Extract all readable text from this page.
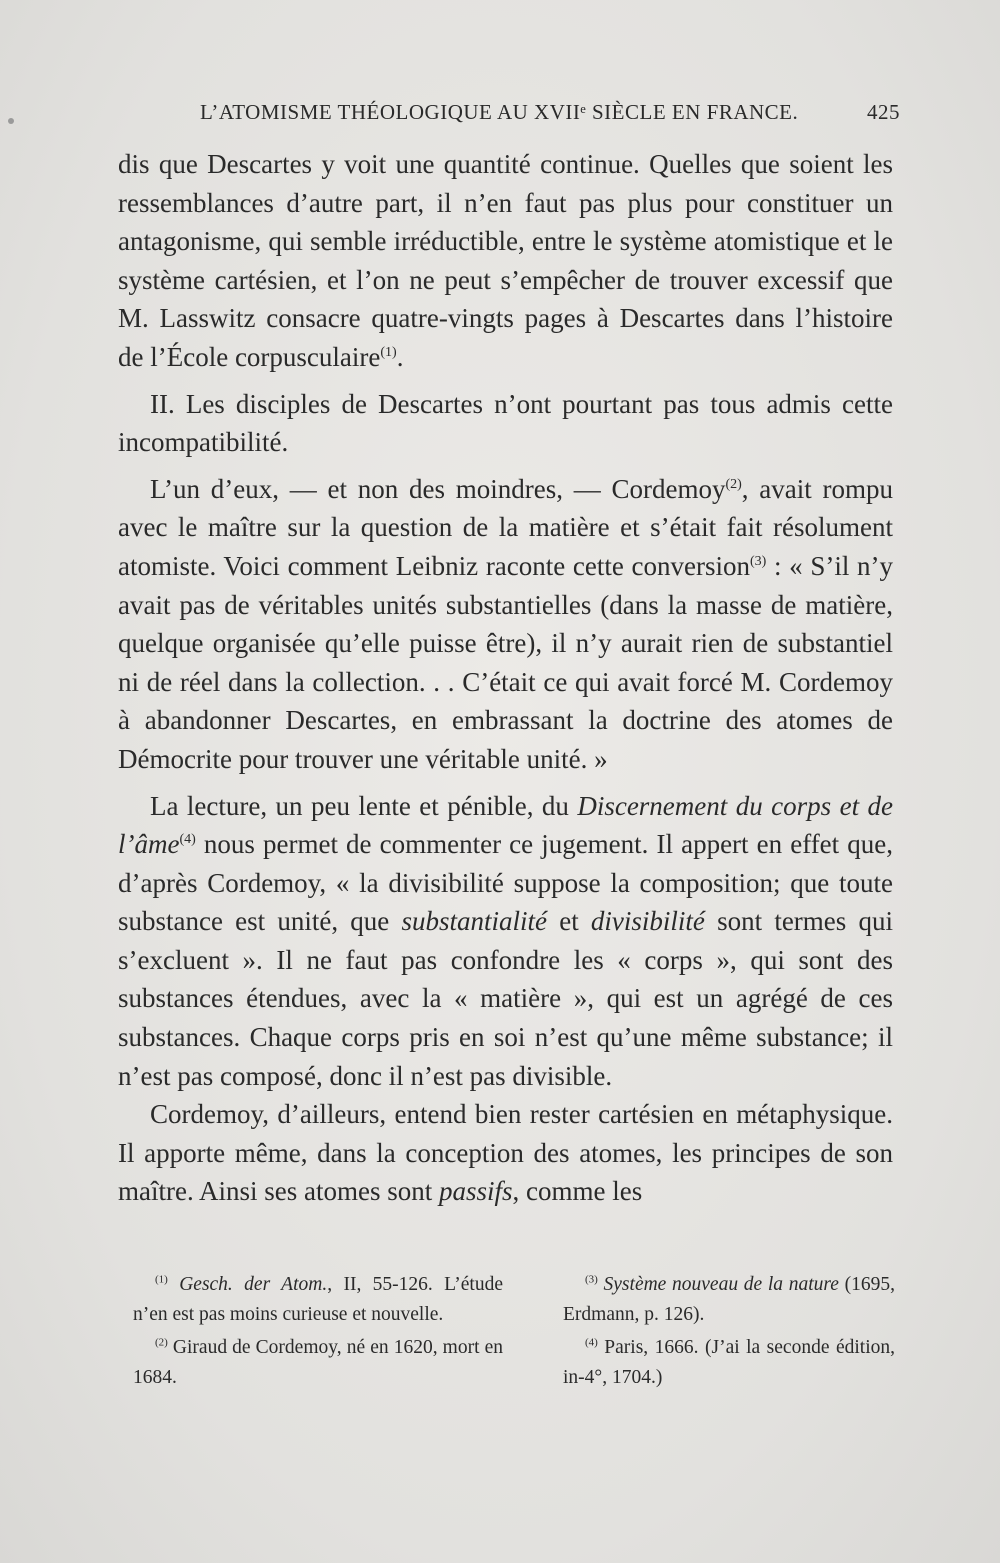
L’ATOMISME THÉOLOGIQUE AU XVIIᵉ SIÈCLE EN FRANCE.	425

dis que Descartes y voit une quantité continue. Quelles que soient les ressemblances d’autre part, il n’en faut pas plus pour constituer un antagonisme, qui semble irréductible, entre le système atomistique et le système cartésien, et l’on ne peut s’empêcher de trouver excessif que M. Lasswitz consacre quatre-vingts pages à Descartes dans l’histoire de l’École corpusculaire$^{(1)}$.

II. Les disciples de Descartes n’ont pourtant pas tous admis cette incompatibilité.

L’un d’eux, — et non des moindres, — Cordemoy$^{(2)}$, avait rompu avec le maître sur la question de la matière et s’était fait résolument atomiste. Voici comment Leibniz raconte cette conversion$^{(3)}$ : « S’il n’y avait pas de véritables unités substantielles (dans la masse de matière, quelque organisée qu’elle puisse être), il n’y aurait rien de substantiel ni de réel dans la collection. . . C’était ce qui avait forcé M. Cordemoy à abandonner Descartes, en embrassant la doctrine des atomes de Démocrite pour trouver une véritable unité. »

La lecture, un peu lente et pénible, du Discernement du corps et de l’âme$^{(4)}$ nous permet de commenter ce jugement. Il appert en effet que, d’après Cordemoy, « la divisibilité suppose la composition; que toute substance est unité, que substantialité et divisibilité sont termes qui s’excluent ». Il ne faut pas confondre les « corps », qui sont des substances étendues, avec la « matière », qui est un agrégé de ces substances. Chaque corps pris en soi n’est qu’une même substance; il n’est pas composé, donc il n’est pas divisible.

Cordemoy, d’ailleurs, entend bien rester cartésien en métaphysique. Il apporte même, dans la conception des atomes, les principes de son maître. Ainsi ses atomes sont passifs, comme les

$^{(1)}$ Gesch. der Atom., II, 55-126. L’étude n’en est pas moins curieuse et nouvelle.

$^{(2)}$ Giraud de Cordemoy, né en 1620, mort en 1684.

$^{(3)}$ Système nouveau de la nature (1695, Erdmann, p. 126).

$^{(4)}$ Paris, 1666. (J’ai la seconde édition, in-4°, 1704.)
